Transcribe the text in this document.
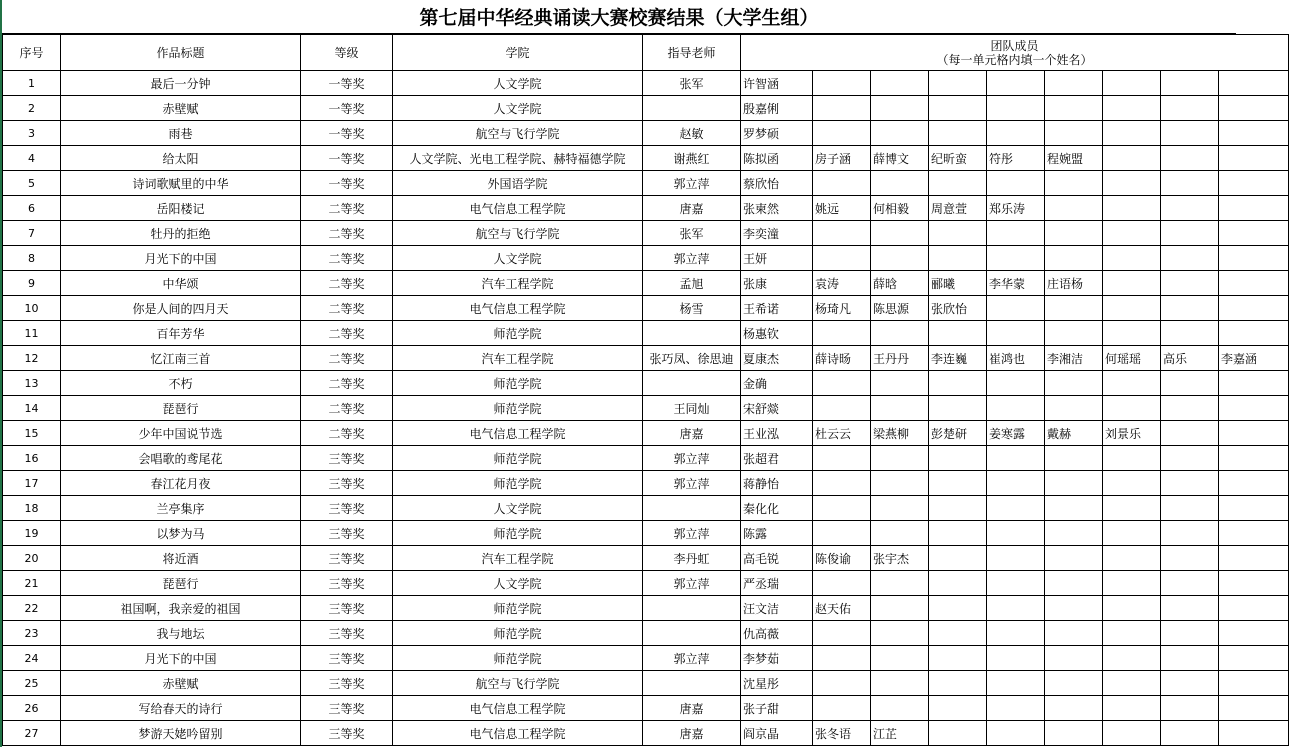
第七届中华经典诵读大赛校赛结果（大学生组）
序号	作品标题	等级	学院	指导老师	团队成员
（每一单元格内填一个姓名）								

1	最后一分钟	一等奖	人文学院	张军	许智涵								
2	赤壁赋	一等奖	人文学院		殷嘉俐								
3	雨巷	一等奖	航空与飞行学院	赵敏	罗梦硕								
4	给太阳	一等奖	人文学院、光电工程学院、赫特福德学院	谢燕红	陈拟函	房子涵	薛博文	纪昕蛮	符彤	程婉盟			
5	诗词歌赋里的中华	一等奖	外国语学院	郭立萍	蔡欣怡								
6	岳阳楼记	二等奖	电气信息工程学院	唐嘉	张柬然	姚远	何相毅	周意萱	郑乐涛				
7	牡丹的拒绝	二等奖	航空与飞行学院	张军	李奕潼								
8	月光下的中国	二等奖	人文学院	郭立萍	王妍								
9	中华颂	二等奖	汽车工程学院	孟旭	张康	袁涛	薛晗	郦曦	李华蒙	庄语杨			
10	你是人间的四月天	二等奖	电气信息工程学院	杨雪	王希诺	杨琦凡	陈思源	张欣怡					
11	百年芳华	二等奖	师范学院		杨惠钦								
12	忆江南三首	二等奖	汽车工程学院	张巧凤、徐思迪	夏康杰	薛诗旸	王丹丹	李连巍	崔鸿也	李湘洁	何瑶瑶	高乐	李嘉涵
13	不朽	二等奖	师范学院		金确								
14	琵琶行	二等奖	师范学院	王同灿	宋舒燚								
15	少年中国说节选	二等奖	电气信息工程学院	唐嘉	王业泓	杜云云	梁燕柳	彭楚研	姜寒露	戴赫	刘景乐		
16	会唱歌的鸢尾花	三等奖	师范学院	郭立萍	张超君								
17	春江花月夜	三等奖	师范学院	郭立萍	蒋静怡								
18	兰亭集序	三等奖	人文学院		秦化化								
19	以梦为马	三等奖	师范学院	郭立萍	陈露								
20	将近酒	三等奖	汽车工程学院	李丹虹	高毛锐	陈俊谕	张宇杰						
21	琵琶行	三等奖	人文学院	郭立萍	严丞瑞								
22	祖国啊，我亲爱的祖国	三等奖	师范学院		汪文洁	赵天佑							
23	我与地坛	三等奖	师范学院		仇高薇								
24	月光下的中国	三等奖	师范学院	郭立萍	李梦茹								
25	赤壁赋	三等奖	航空与飞行学院		沈星彤								
26	写给春天的诗行	三等奖	电气信息工程学院	唐嘉	张子甜								
27	梦游天姥吟留别	三等奖	电气信息工程学院	唐嘉	阎京晶	张冬语	江芷						
